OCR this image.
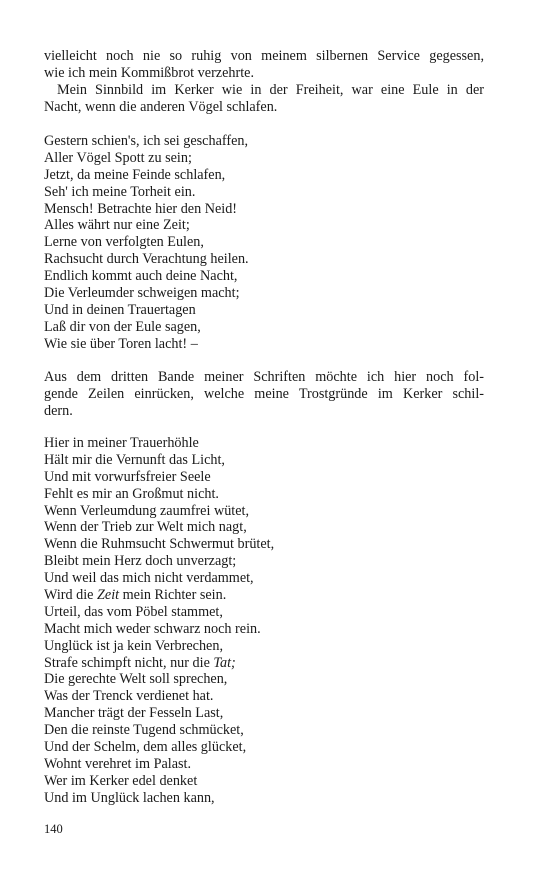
vielleicht noch nie so ruhig von meinem silbernen Service gegessen,
wie ich mein Kommißbrot verzehrte.
Mein Sinnbild im Kerker wie in der Freiheit, war eine Eule in der
Nacht, wenn die anderen Vögel schlafen.
Gestern schien's, ich sei geschaffen,
Aller Vögel Spott zu sein;
Jetzt, da meine Feinde schlafen,
Seh' ich meine Torheit ein.
Mensch! Betrachte hier den Neid!
Alles währt nur eine Zeit;
Lerne von verfolgten Eulen,
Rachsucht durch Verachtung heilen.
Endlich kommt auch deine Nacht,
Die Verleumder schweigen macht;
Und in deinen Trauertagen
Laß dir von der Eule sagen,
Wie sie über Toren lacht! –
Aus dem dritten Bande meiner Schriften möchte ich hier noch fol-
gende Zeilen einrücken, welche meine Trostgründe im Kerker schil-
dern.
Hier in meiner Trauerhöhle
Hält mir die Vernunft das Licht,
Und mit vorwurfsfreier Seele
Fehlt es mir an Großmut nicht.
Wenn Verleumdung zaumfrei wütet,
Wenn der Trieb zur Welt mich nagt,
Wenn die Ruhmsucht Schwermut brütet,
Bleibt mein Herz doch unverzagt;
Und weil das mich nicht verdammet,
Wird die Zeit mein Richter sein.
Urteil, das vom Pöbel stammet,
Macht mich weder schwarz noch rein.
Unglück ist ja kein Verbrechen,
Strafe schimpft nicht, nur die Tat;
Die gerechte Welt soll sprechen,
Was der Trenck verdienet hat.
Mancher trägt der Fesseln Last,
Den die reinste Tugend schmücket,
Und der Schelm, dem alles glücket,
Wohnt verehret im Palast.
Wer im Kerker edel denket
Und im Unglück lachen kann,
140
